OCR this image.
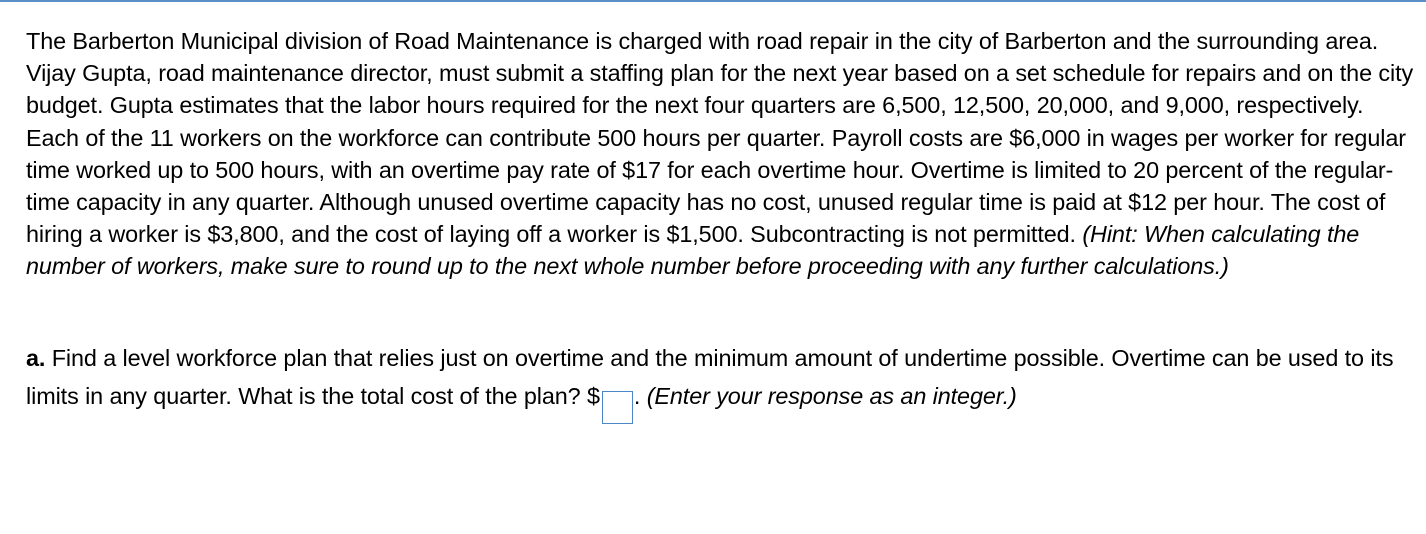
The Barberton Municipal division of Road Maintenance is charged with road repair in the city of Barberton and the surrounding area. Vijay Gupta, road maintenance director, must submit a staffing plan for the next year based on a set schedule for repairs and on the city budget. Gupta estimates that the labor hours required for the next four quarters are 6,500, 12,500, 20,000, and 9,000, respectively. Each of the 11 workers on the workforce can contribute 500 hours per quarter. Payroll costs are $6,000 in wages per worker for regular time worked up to 500 hours, with an overtime pay rate of $17 for each overtime hour. Overtime is limited to 20 percent of the regular-time capacity in any quarter. Although unused overtime capacity has no cost, unused regular time is paid at $12 per hour. The cost of hiring a worker is $3,800, and the cost of laying off a worker is $1,500. Subcontracting is not permitted. (Hint: When calculating the number of workers, make sure to round up to the next whole number before proceeding with any further calculations.)
a. Find a level workforce plan that relies just on overtime and the minimum amount of undertime possible. Overtime can be used to its limits in any quarter. What is the total cost of the plan? $ . (Enter your response as an integer.)
